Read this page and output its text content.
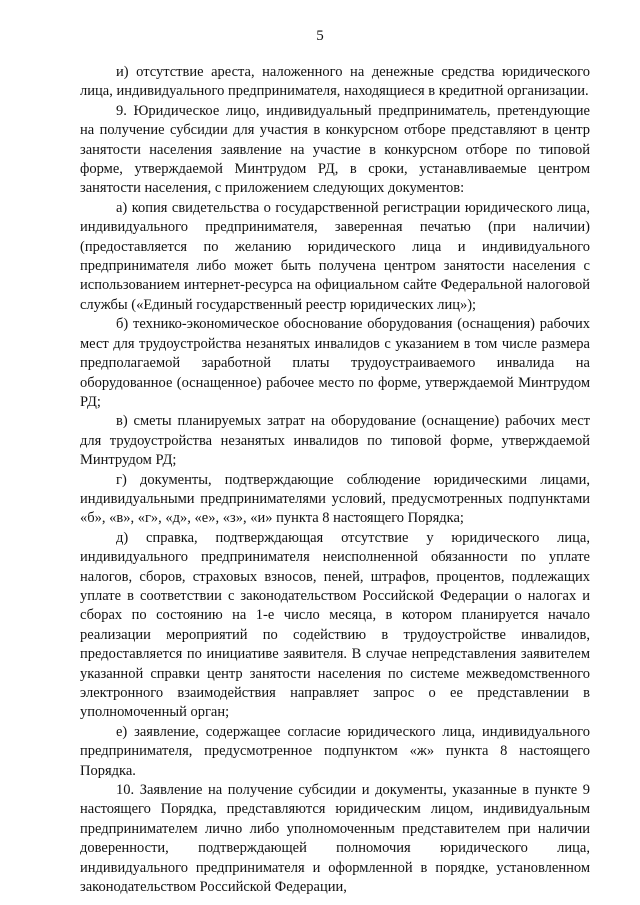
5

и) отсутствие ареста, наложенного на денежные средства юридического лица, индивидуального предпринимателя, находящиеся в кредитной организации.

9. Юридическое лицо, индивидуальный предприниматель, претендующие на получение субсидии для участия в конкурсном отборе представляют в центр занятости населения заявление на участие в конкурсном отборе по типовой форме, утверждаемой Минтрудом РД, в сроки, устанавливаемые центром занятости населения, с приложением следующих документов:

а) копия свидетельства о государственной регистрации юридического лица, индивидуального предпринимателя, заверенная печатью (при наличии) (предоставляется по желанию юридического лица и индивидуального предпринимателя либо может быть получена центром занятости населения с использованием интернет-ресурса на официальном сайте Федеральной налоговой службы («Единый государственный реестр юридических лиц»);

б) технико-экономическое обоснование оборудования (оснащения) рабочих мест для трудоустройства незанятых инвалидов с указанием в том числе размера предполагаемой заработной платы трудоустраиваемого инвалида на оборудованное (оснащенное) рабочее место по форме, утверждаемой Минтрудом РД;

в) сметы планируемых затрат на оборудование (оснащение) рабочих мест для трудоустройства незанятых инвалидов по типовой форме, утверждаемой Минтрудом РД;

г) документы, подтверждающие соблюдение юридическими лицами, индивидуальными предпринимателями условий, предусмотренных подпунктами «б», «в», «г», «д», «е», «з», «и» пункта 8 настоящего Порядка;

д) справка, подтверждающая отсутствие у юридического лица, индивидуального предпринимателя неисполненной обязанности по уплате налогов, сборов, страховых взносов, пеней, штрафов, процентов, подлежащих уплате в соответствии с законодательством Российской Федерации о налогах и сборах по состоянию на 1-е число месяца, в котором планируется начало реализации мероприятий по содействию в трудоустройстве инвалидов, предоставляется по инициативе заявителя. В случае непредставления заявителем указанной справки центр занятости населения по системе межведомственного электронного взаимодействия направляет запрос о ее представлении в уполномоченный орган;

е) заявление, содержащее согласие юридического лица, индивидуального предпринимателя, предусмотренное подпунктом «ж» пункта 8 настоящего Порядка.

10. Заявление на получение субсидии и документы, указанные в пункте 9 настоящего Порядка, представляются юридическим лицом, индивидуальным предпринимателем лично либо уполномоченным представителем при наличии доверенности, подтверждающей полномочия юридического лица, индивидуального предпринимателя и оформленной в порядке, установленном законодательством Российской Федерации,
